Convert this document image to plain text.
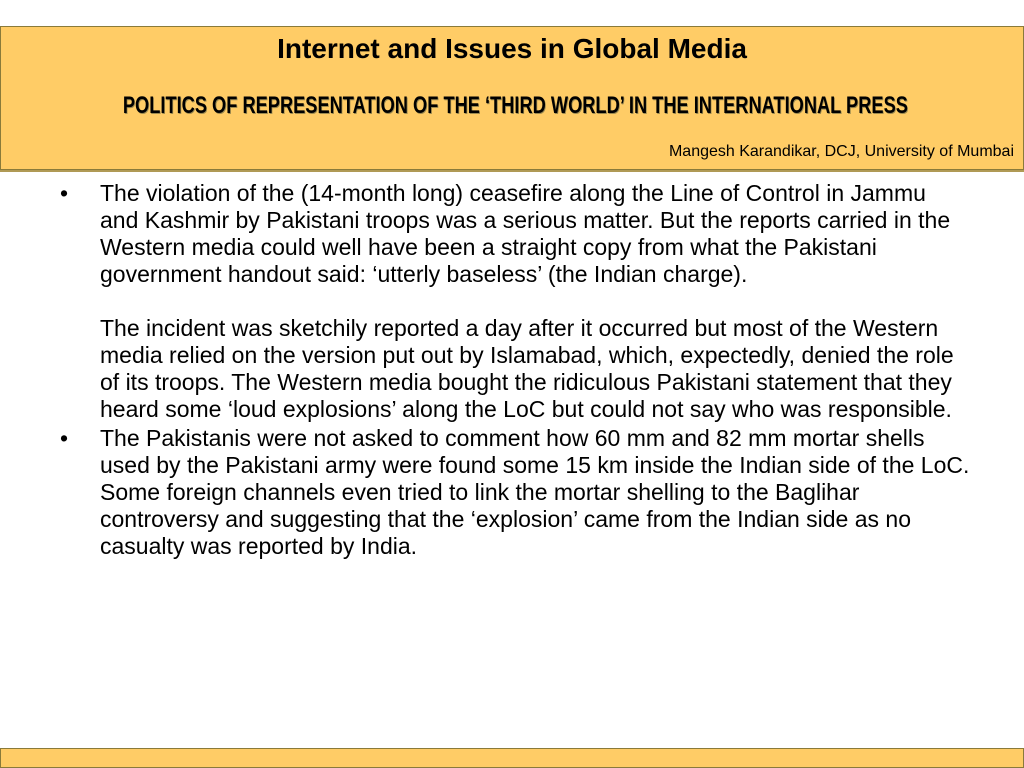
Internet and Issues in Global Media
POLITICS OF REPRESENTATION OF THE ‘THIRD WORLD’ IN THE INTERNATIONAL PRESS
Mangesh Karandikar, DCJ, University of Mumbai
•	The violation of the (14-month long) ceasefire along the Line of Control in Jammu and Kashmir by Pakistani troops was a serious matter. But the reports carried in the Western media could well have been a straight copy from what the Pakistani government handout said: ‘utterly baseless’ (the Indian charge).

The incident was sketchily reported a day after it occurred but most of the Western media relied on the version put out by Islamabad, which, expectedly, denied the role of its troops. The Western media bought the ridiculous Pakistani statement that they heard some ‘loud explosions’ along the LoC but could not say who was responsible.

•	The Pakistanis were not asked to comment how 60 mm and 82 mm mortar shells used by the Pakistani army were found some 15 km inside the Indian side of the LoC. Some foreign channels even tried to link the mortar shelling to the Baglihar controversy and suggesting that the ‘explosion’ came from the Indian side as no casualty was reported by India.
